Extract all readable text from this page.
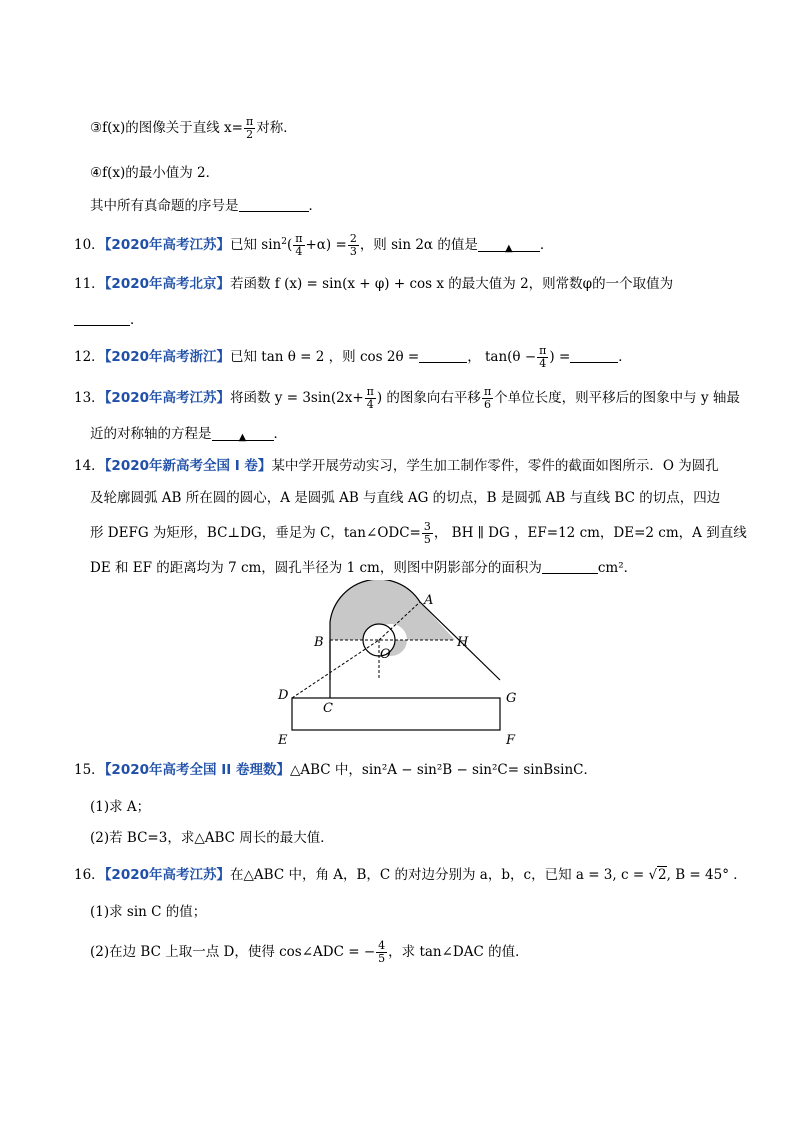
③f(x)的图像关于直线 $x= \frac{\pi}{2}$ 对称．
④f(x)的最小值为 2．
其中所有真命题的序号是	．
10．【2020年高考江苏】已知 $\sin^2( \frac{\pi}{4} +\alpha) = \frac{2}{3}$ ，则 sin 2α 的值是	▲ ．
11．【2020年高考北京】若函数 f (x) = sin(x + φ) + cos x 的最大值为 2，则常数φ的一个取值为
．
12．【2020年高考浙江】已知 tan θ = 2 ，则 cos 2θ =	， $\tan(\theta - \frac{\pi}{4}$ ) =	．
13．【2020年高考江苏】将函数 $y = 3\sin(2x+ \frac{\pi}{4}$ ) 的图象向右平移 $\frac{\pi}{6}$ 个单位长度，则平移后的图象中与 y 轴最
近的对称轴的方程是	▲ ．
14．【2020年新高考全国 I 卷】某中学开展劳动实习，学生加工制作零件，零件的截面如图所示．O 为圆孔
及轮廓圆弧 AB 所在圆的圆心，A 是圆弧 AB 与直线 AG 的切点，B 是圆弧 AB 与直线 BC 的切点，四边
形 DEFG 为矩形，BC⊥DG，垂足为 C，tan∠ODC= $\frac{3}{5}$ ， BH ∥ DG ，EF=12 cm，DE=2 cm，A 到直线
DE 和 EF 的距离均为 7 cm，圆孔半径为 1 cm，则图中阴影部分的面积为	cm²．
A
B	H
O
D
C
G
E	F
15．【2020年高考全国 II 卷理数】△ABC 中，sin²A − sin²B − sin²C= sinBsinC．
(1)求 A；
(2)若 BC=3，求△ABC 周长的最大值．
16．【2020年高考江苏】在△ABC 中，角 A，B，C 的对边分别为 a，b，c，已知 a = 3, c = √2, B = 45° ．
(1)求 sin C 的值；
(2)在边 BC 上取一点 D，使得 cos∠ADC = − $\frac{4}{5}$ ，求 tan∠DAC 的值．
